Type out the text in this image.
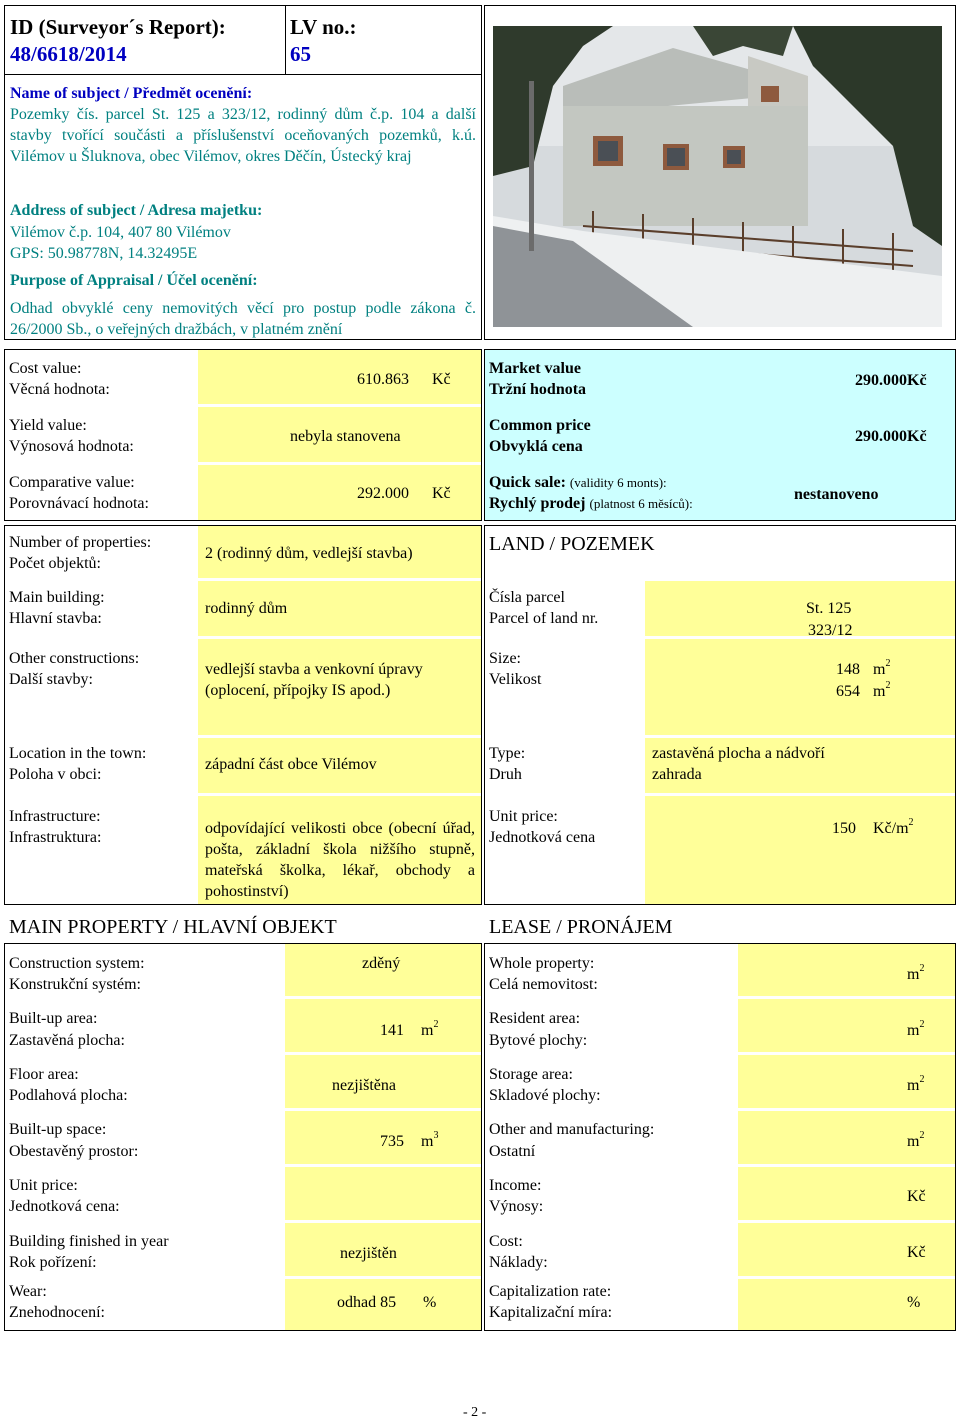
ID (Surveyor´s Report):
48/6618/2014
LV no.:
65
Name of subject / Předmět ocenění:
Pozemky čís. parcel St. 125 a 323/12, rodinný dům č.p. 104 a další stavby tvořící součásti a příslušenství oceňovaných pozemků, k.ú. Vilémov u Šluknova, obec Vilémov, okres Děčín, Ústecký kraj
Address of subject / Adresa majetku:
Vilémov č.p. 104, 407 80 Vilémov
GPS: 50.98778N, 14.32495E
Purpose of Appraisal / Účel ocenění:
Odhad obvyklé ceny nemovitých věcí pro postup podle zákona č. 26/2000 Sb., o veřejných dražbách, v platném znění
Cost value:
Věcná hodnota:
610.863 Kč
Yield value:
Výnosová hodnota:
nebyla stanovena
Comparative value:
Porovnávací hodnota:
292.000 Kč
Market value
Tržní hodnota
290.000 Kč
Common price
Obvyklá cena
290.000 Kč
Quick sale: (validity 6 monts):
Rychlý prodej (platnost 6 měsíců):
nestanoveno
Number of properties:
Počet objektů:
2 (rodinný dům, vedlejší stavba)
Main building:
Hlavní stavba:
rodinný dům
Other constructions:
Další stavby:
vedlejší stavba a venkovní úpravy (oplocení, přípojky IS apod.)
Location in the town:
Poloha v obci:
západní část obce Vilémov
Infrastructure:
Infrastruktura:
odpovídající velikosti obce (obecní úřad, pošta, základní škola nižšího stupně, mateřská školka, lékař, obchody a pohostinství)
LAND / POZEMEK
Čísla parcel
Parcel of land nr.
St. 125
323/12
Size:
Velikost
148 $m^2$
654 $m^2$
Type:
Druh
zastavěná plocha a nádvoří
zahrada
Unit price:
Jednotková cena
150 $Kč/m^2$
MAIN PROPERTY / HLAVNÍ OBJEKT	LEASE / PRONÁJEM
Construction system:
Konstrukční systém:
zděný
Built-up area:
Zastavěná plocha:
141 $m^2$
Floor area:
Podlahová plocha:
nezjištěna
Built-up space:
Obestavěný prostor:
735 $m^3$
Unit price:
Jednotková cena:
Building finished in year
Rok pořízení:
nezjištěn
Wear:
Znehodnocení:
odhad 85 %
Whole property:
Celá nemovitost:
$m^2$
Resident area:
Bytové plochy:
$m^2$
Storage area:
Skladové plochy:
$m^2$
Other and manufacturing:
Ostatní
$m^2$
Income:
Výnosy:
Kč
Cost:
Náklady:
Kč
Capitalization rate:
Kapitalizační míra:
%
- 2 -
